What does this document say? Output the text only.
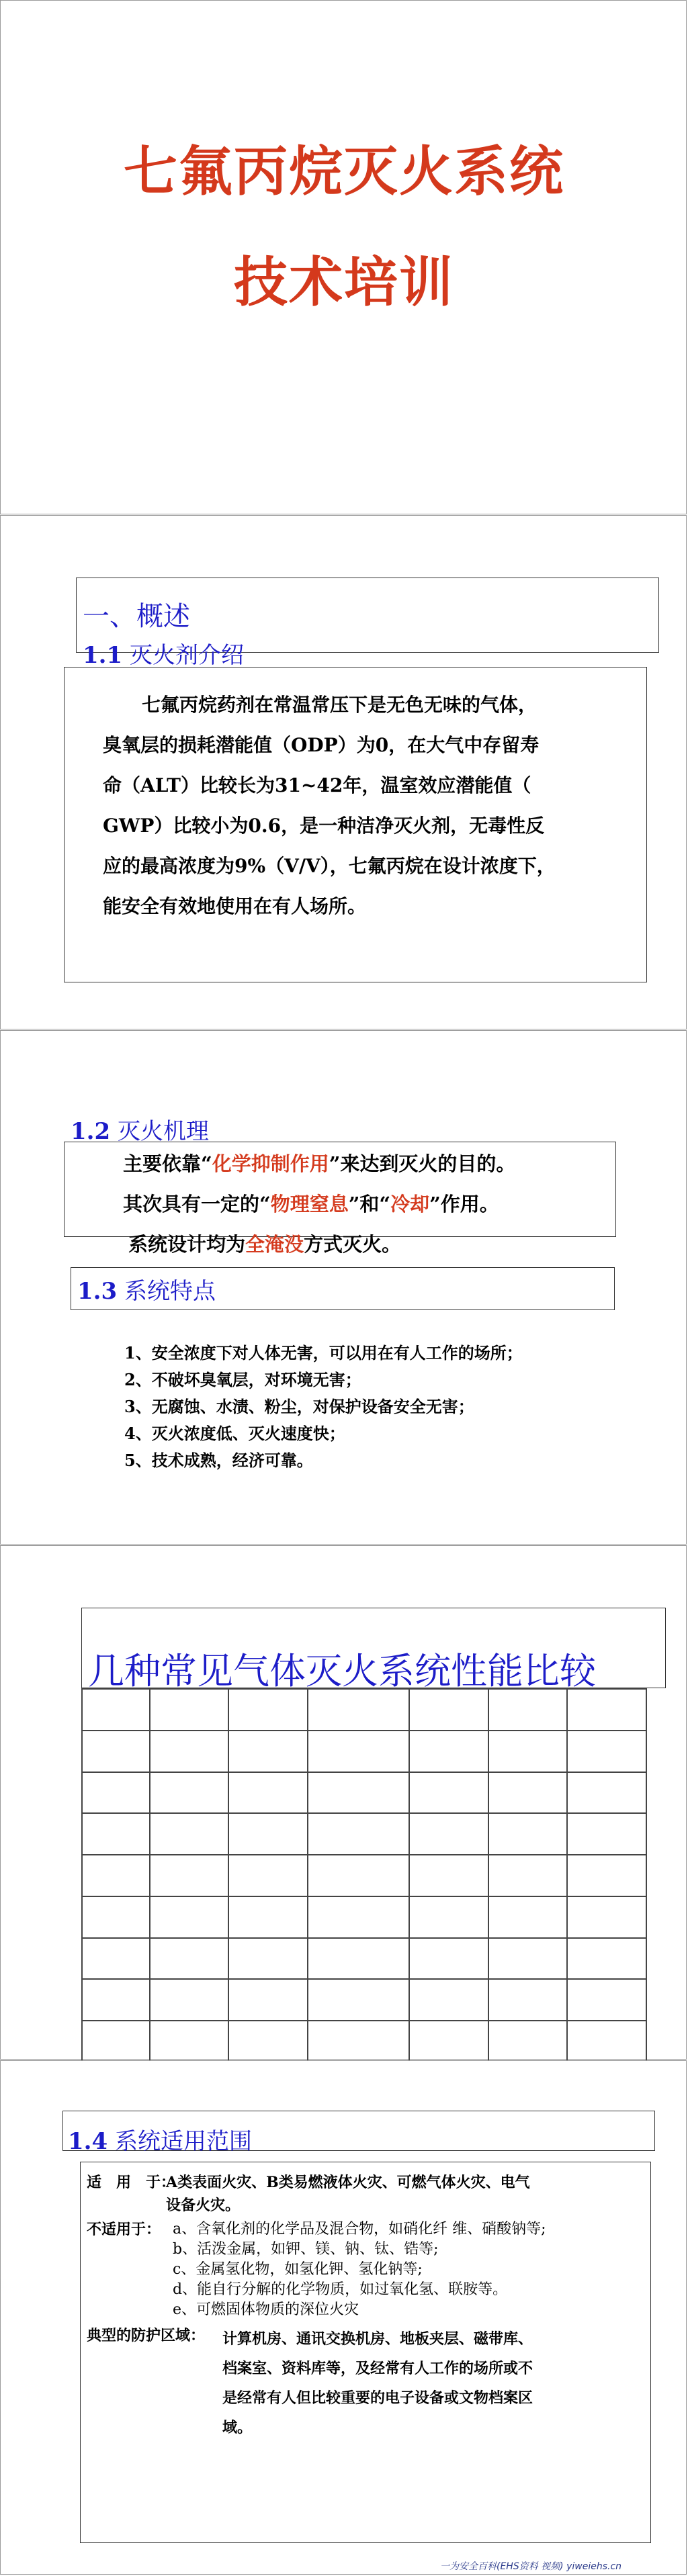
七氟丙烷灭火系统
技术培训
一、概述
1.1 灭火剂介绍
七氟丙烷药剂在常温常压下是无色无味的气体，
臭氧层的损耗潜能值（ODP）为0，在大气中存留寿
命（ALT）比较长为31~42年，温室效应潜能值（
GWP）比较小为0.6，是一种洁净灭火剂，无毒性反
应的最高浓度为9%（V/V），七氟丙烷在设计浓度下，
能安全有效地使用在有人场所。
1.2 灭火机理
主要依靠“化学抑制作用”来达到灭火的目的。
其次具有一定的“物理窒息”和“冷却”作用。
系统设计均为全淹没方式灭火。
1.3 系统特点
1、安全浓度下对人体无害，可以用在有人工作的场所；
2、不破坏臭氧层，对环境无害；
3、无腐蚀、水渍、粉尘，对保护设备安全无害；
4、灭火浓度低、灭火速度快；
5、技术成熟，经济可靠。
几种常见气体灭火系统性能比较

1.4 系统适用范围
适　用　于：
A类表面火灾、B类易燃液体火灾、可燃气体火灾、电气
设备火灾。
不适用于： a、含氧化剂的化学品及混合物，如硝化纤 维、硝酸钠等;
b、活泼金属，如钾、镁、钠、钛、锆等;
c、金属氢化物，如氢化钾、氢化钠等;
d、能自行分解的化学物质，如过氧化氢、联胺等。
e、可燃固体物质的深位火灾
典型的防护区域： 计算机房、通讯交换机房、地板夹层、磁带库、
档案室、资料库等，及经常有人工作的场所或不
是经常有人但比较重要的电子设备或文物档案区
域。
一为安全百科(EHS资料 视频) yiweiehs.cn
